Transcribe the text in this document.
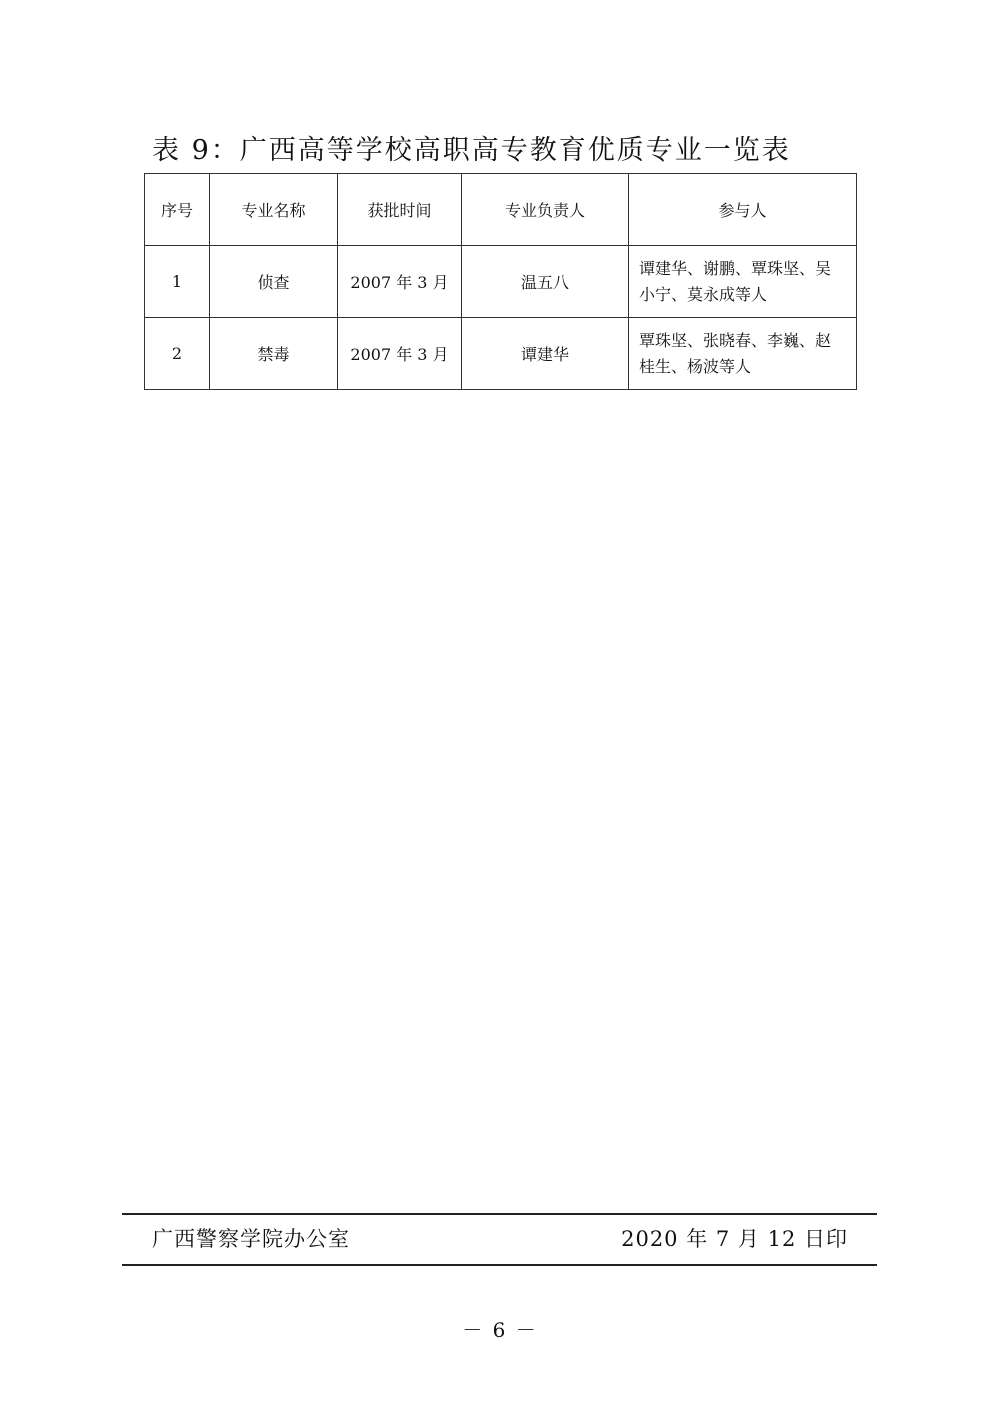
表 9：广西高等学校高职高专教育优质专业一览表
序号	专业名称	获批时间	专业负责人	参与人
1	侦查	2007 年 3 月	温五八	谭建华、谢鹏、覃珠坚、吴
小宁、莫永成等人
2	禁毒	2007 年 3 月	谭建华	覃珠坚、张晓春、李巍、赵
桂生、杨波等人
广西警察学院办公室	2020 年 7 月 12 日印
－ 6 －
